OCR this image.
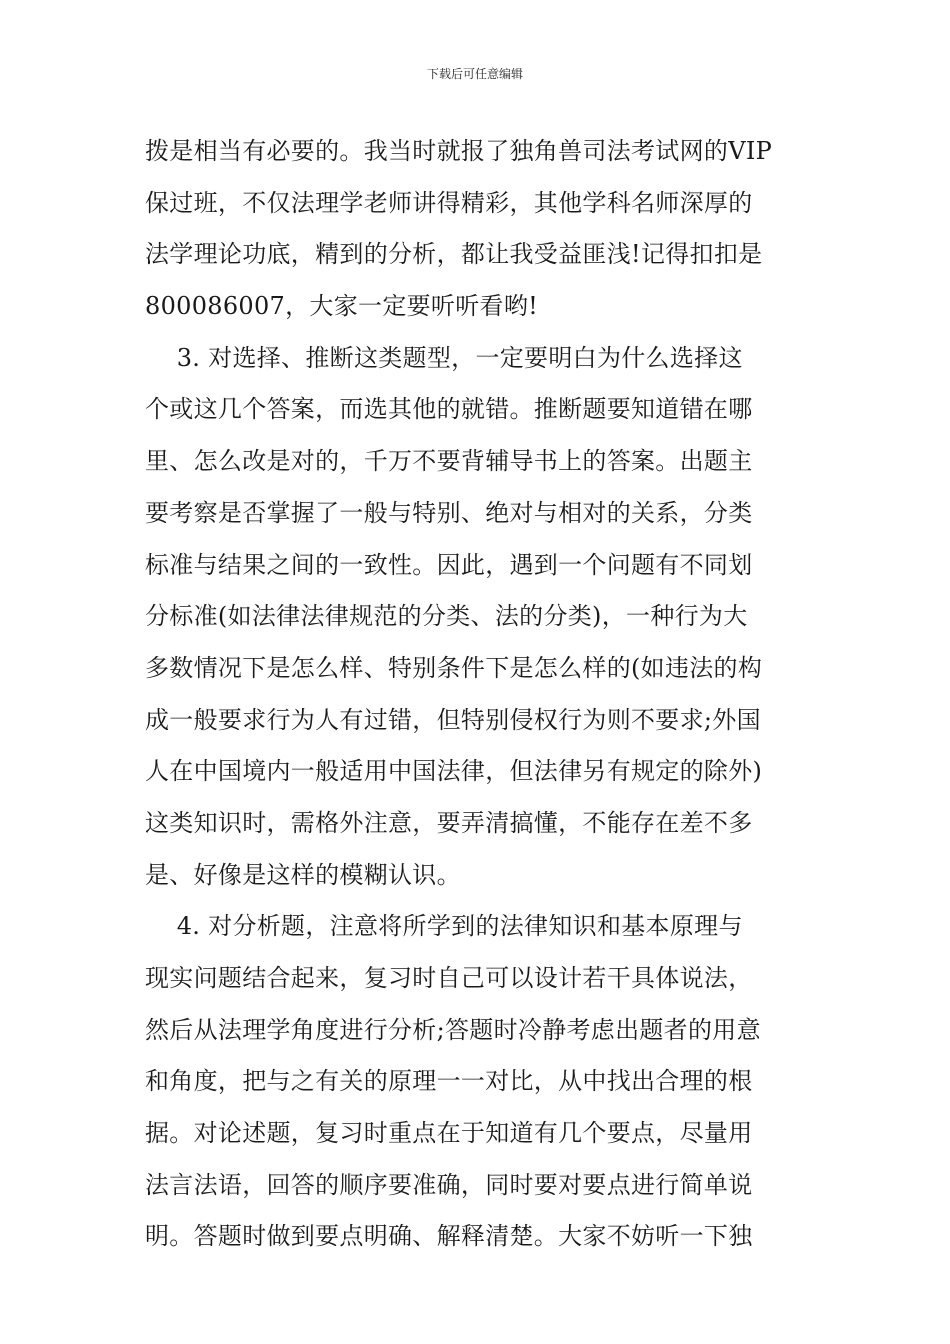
下载后可任意编辑
拨是相当有必要的。我当时就报了独角兽司法考试网的VIP
保过班，不仅法理学老师讲得精彩，其他学科名师深厚的
法学理论功底，精到的分析，都让我受益匪浅!记得扣扣是
800086007，大家一定要听听看哟!
3. 对选择、推断这类题型，一定要明白为什么选择这
个或这几个答案，而选其他的就错。推断题要知道错在哪
里、怎么改是对的，千万不要背辅导书上的答案。出题主
要考察是否掌握了一般与特别、绝对与相对的关系，分类
标准与结果之间的一致性。因此，遇到一个问题有不同划
分标准(如法律法律规范的分类、法的分类)，一种行为大
多数情况下是怎么样、特别条件下是怎么样的(如违法的构
成一般要求行为人有过错，但特别侵权行为则不要求;外国
人在中国境内一般适用中国法律，但法律另有规定的除外)
这类知识时，需格外注意，要弄清搞懂，不能存在差不多
是、好像是这样的模糊认识。
4. 对分析题，注意将所学到的法律知识和基本原理与
现实问题结合起来，复习时自己可以设计若干具体说法，
然后从法理学角度进行分析;答题时冷静考虑出题者的用意
和角度，把与之有关的原理一一对比，从中找出合理的根
据。对论述题，复习时重点在于知道有几个要点，尽量用
法言法语，回答的顺序要准确，同时要对要点进行简单说
明。答题时做到要点明确、解释清楚。大家不妨听一下独
